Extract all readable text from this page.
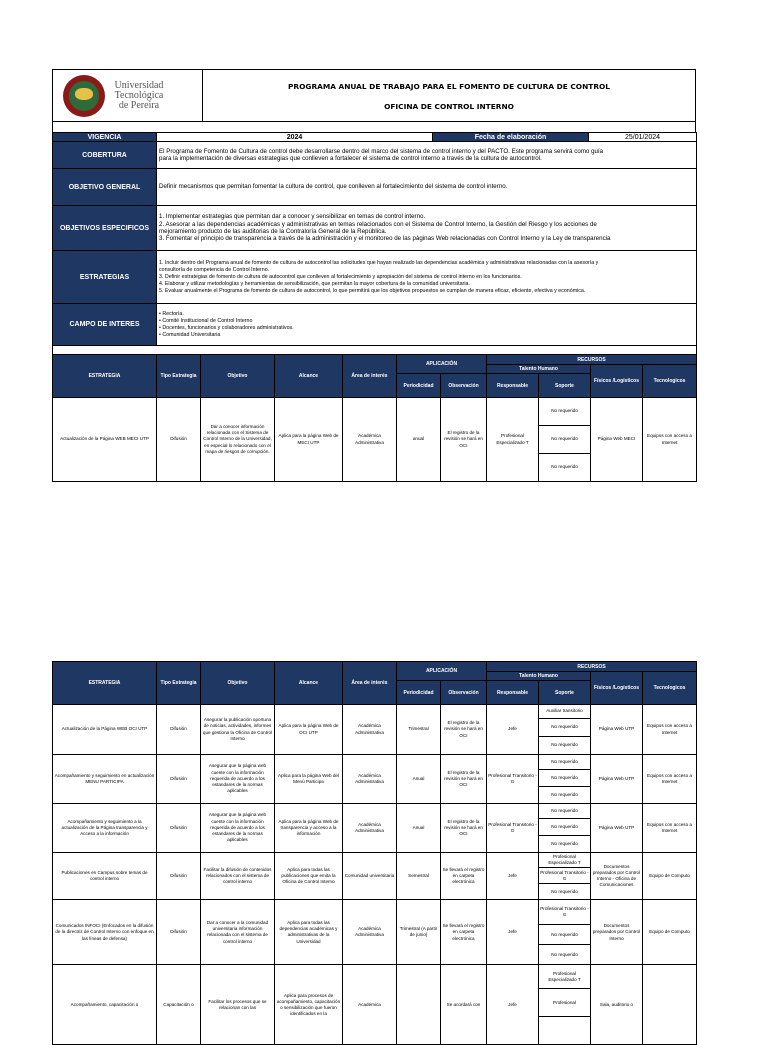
Universidad
Tecnológica
de Pereira
PROGRAMA ANUAL DE TRABAJO PARA EL FOMENTO DE CULTURA DE CONTROL
OFICINA DE CONTROL INTERNO
VIGENCIA	2024	Fecha de elaboración	25/01/2024
COBERTURA	El Programa de Fomento de Cultura de control debe desarrollarse dentro del marco del sistema de control interno y del PACTO. Este programa servirá como guía
para la implementación de diversas estrategias que conlleven a fortalecer el sistema de control interno a través de la cultura de autocontrol.		

OBJETIVO GENERAL	Definir mecanismos que permitan fomentar la cultura de control, que conlleven al fortalecimiento del sistema de control interno.		

OBJETIVOS ESPECIFICOS	1. Implementar estrategias que permitan dar a conocer y sensibilizar en temas de control interno.
2. Asesorar a las dependencias académicas y administrativas en temas relacionados con el Sistema de Control Interno, la Gestión del Riesgo y los acciones de
mejoramiento producto de las auditorias de la Contraloría General de la República.
3. Fomentar el principio de transparencia a través de la administración y el monitoreo de las páginas Web relacionadas con Control Interno y la Ley de transparencia		

ESTRATEGIAS	1. Incluir dentro del Programa anual de fomento de cultura de autocontrol las solicitudes que hayan realizado las dependencias académica y administrativas relacionadas con la asesoría y
consultoría de competencia de Control Interno.
3. Definir estrategias de fomento de cultura de autocontrol que conlleven al fortalecimiento y apropiación del sistema de control interno en los funcionarios.
4. Elaborar y utilizar metodologías y herramientas de sensibilización, que permitan la mayor cobertura de la comunidad universitaria.
5. Evaluar anualmente el Programa de fomento de cultura de autocontrol, lo que permitirá que los objetivos propuestos se cumplan de manera eficaz, eficiente, efectiva y económica.		

CAMPO DE INTERES	• Rectoría.
• Comité Institucional de Control Interno
• Docentes, funcionarios y colaboradores administrativos.
• Comunidad Universitaria		

ESTRATEGIA	Tipo Estrategia	Objetivo	Alcance	Área de interés	APLICACIÓN		RECURSOS			
							Talento Humano		Físicos /Logísticos	Tecnologicos
					Periodicidad	Observación	Responsable	Soporte		
Actualización de la Página WEB MECI UTP	Difusión	Dar a conocer información relacionada con el Sistema de Control Interno de la Universidad, en especial lo relacionado con el mapa de riesgos de corrupción.	Aplica para la página Web de MECI UTP	Académica Administrativa	anual	El registro de la revisión se hará en OCI	Profesional Especializado T	No requerido	Página Web MECI	Equipos con acceso a Internet
								No requerido		
								No requerido		
ESTRATEGIA	Tipo Estrategia	Objetivo	Alcance	Área de interés	APLICACIÓN		RECURSOS			
							Talento Humano		Físicos /Logísticos	Tecnologicos
					Periodicidad	Observación	Responsable	Soporte		
Actualización de la Página WEB OCI UTP	Difusión	Asegurar la publicación oportuna de noticias, actividades, informes que gestiona la Oficina de Control Interno	Aplica para la página Web de OCI UTP	Académica Administrativa	Trimestral	El registro de la revisión se hará en OCI	Jefe	Auxiliar transitorio	Página Web UTP	Equipos con acceso a Internet
								No requerido		
								No requerido		
Acompañamiento y seguimiento en actualización MENU PARTICIPA	Difusión	Asegurar que la página web cuente con la información requerida de acuerdo a los estandares de la normas aplicables	Aplica para la página Web del Menú Participa	Académica Administrativa	Anual	El registro de la revisión se hará en OCI	Profesional Transitorio - G	No requerido	Página Web UTP	Equipos con acceso a Internet
								No requerido		
								No requerido		
Acompañamiento y seguimiento a la actualización de la Página transparencia y Acceso a la información	Difusión	Asegurar que la página web cuente con la información requerida de acuerdo a los estandares de la normas aplicables	Aplica para la página Web de transparencia y acceso a la información	Académica Administrativa	Anual	El registro de la revisión se hará en OCI	Profesional Transitorio - G	No requerido	Página Web UTP	Equipos con acceso a Internet
								No requerido		
								No requerido		
Publicaciones en Campus sobre temas de control interno	Difusión	Facilitar la difusión de contenidos relacionados con el sistema de control interno	Aplica para todas las publicaciones que emita la Oficina de Control Interno	Comunidad universitaria	Semestral	Se llevará el registro en carpeta electrónica	Jefe	Profesional Especializado T	Documentos preparados por Control Interno - Oficina de Comunicaciones	Equipo de Computo
								Profesional Transitorio - G		
								No requerido		
Comunicados INFOCI (Enfocados en la difusión de la directriz de Control Interno con enfoque en las líneas de defensa)	Difusión	Dar a conocer a la comunidad universitaria información relacionada con el sistema de control interno	Aplica para todas las dependencias académicas y administrativas de la Universidad	Académica Administrativa	Trimestral (A partir de junio)	Se llevará el registro en carpeta electrónica	Jefe	Profesional Transitorio - G	Documentos preparados por Control Interno	Equipo de Computo
								No requerido		
								No requerido		
Acompañamiento, capacitación o	Capacitación o	Facilitar los procesos que se relacionan con las	Aplica para procesos de acompañamiento, capacitación o sensibilización que fueron identificados en la	Académica		Se acordará con	Jefe	Profesional Especializado T	Sala, auditorio o	
								Profesional		
